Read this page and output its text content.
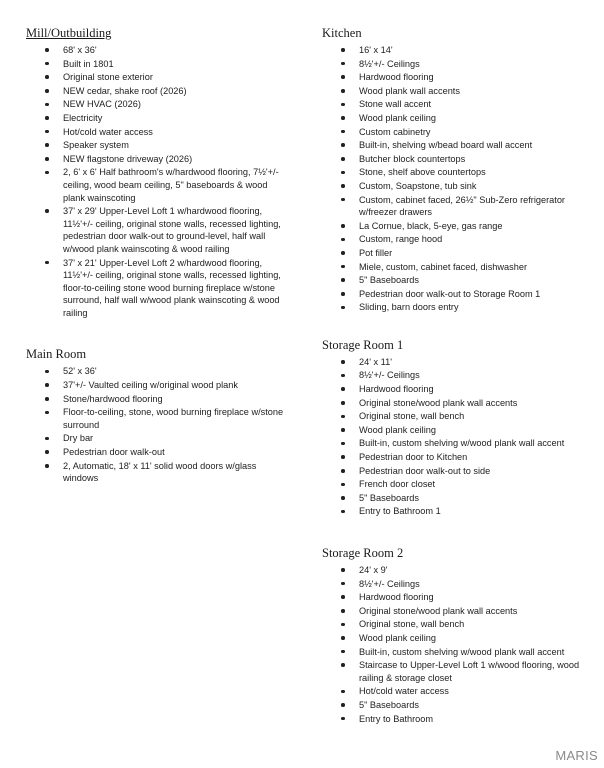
Mill/Outbuilding
68' x 36'
Built in 1801
Original stone exterior
NEW cedar, shake roof (2026)
NEW HVAC (2026)
Electricity
Hot/cold water access
Speaker system
NEW flagstone driveway (2026)
2, 6' x 6' Half bathroom's w/hardwood flooring, 7½'+/- ceiling, wood beam ceiling, 5" baseboards & wood plank wainscoting
37' x 29' Upper-Level Loft 1 w/hardwood flooring, 11½'+/- ceiling, original stone walls, recessed lighting, pedestrian door walk-out to ground-level, half wall w/wood plank wainscoting & wood railing
37' x 21' Upper-Level Loft 2 w/hardwood flooring, 11½'+/- ceiling, original stone walls, recessed lighting, floor-to-ceiling stone wood burning fireplace w/stone surround, half wall w/wood plank wainscoting & wood railing
Main Room
52' x 36'
37'+/- Vaulted ceiling w/original wood plank
Stone/hardwood flooring
Floor-to-ceiling, stone, wood burning fireplace w/stone surround
Dry bar
Pedestrian door walk-out
2, Automatic, 18' x 11' solid wood doors w/glass windows
Kitchen
16' x 14'
8½'+/- Ceilings
Hardwood flooring
Wood plank wall accents
Stone wall accent
Wood plank ceiling
Custom cabinetry
Built-in, shelving w/bead board wall accent
Butcher block countertops
Stone, shelf above countertops
Custom, Soapstone, tub sink
Custom, cabinet faced, 26½" Sub-Zero refrigerator w/freezer drawers
La Cornue, black, 5-eye, gas range
Custom, range hood
Pot filler
Miele, custom, cabinet faced, dishwasher
5" Baseboards
Pedestrian door walk-out to Storage Room 1
Sliding, barn doors entry
Storage Room 1
24' x 11'
8½'+/- Ceilings
Hardwood flooring
Original stone/wood plank wall accents
Original stone, wall bench
Wood plank ceiling
Built-in, custom shelving w/wood plank wall accent
Pedestrian door to Kitchen
Pedestrian door walk-out to side
French door closet
5" Baseboards
Entry to Bathroom 1
Storage Room 2
24' x 9'
8½'+/- Ceilings
Hardwood flooring
Original stone/wood plank wall accents
Original stone, wall bench
Wood plank ceiling
Built-in, custom shelving w/wood plank wall accent
Staircase to Upper-Level Loft 1 w/wood flooring, wood railing & storage closet
Hot/cold water access
5" Baseboards
Entry to Bathroom
MARIS
